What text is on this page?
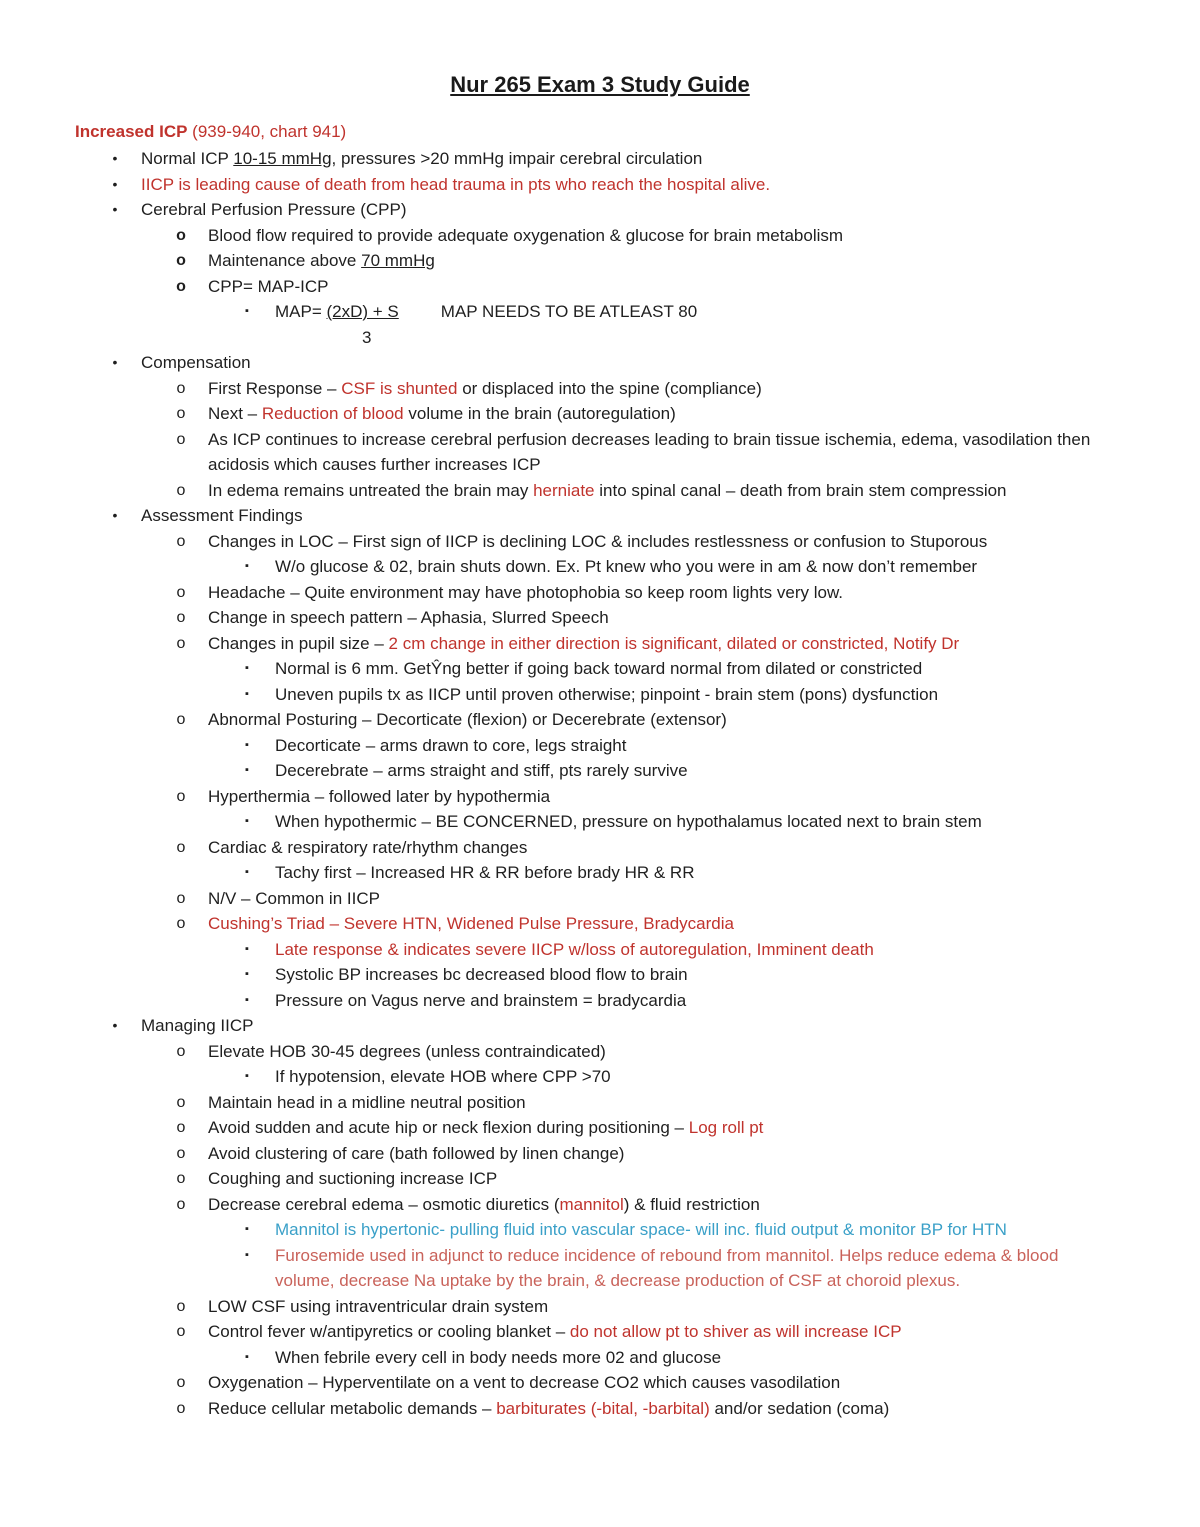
Nur 265 Exam 3 Study Guide
Increased ICP (939-940, chart 941)
• Normal ICP 10-15 mmHg, pressures >20 mmHg impair cerebral circulation
• IICP is leading cause of death from head trauma in pts who reach the hospital alive.
• Cerebral Perfusion Pressure (CPP)
o Blood flow required to provide adequate oxygenation & glucose for brain metabolism
o Maintenance above 70 mmHg
o CPP= MAP-ICP
▪ MAP= (2xD) + S MAP NEEDS TO BE ATLEAST 80
3
• Compensation
o First Response – CSF is shunted or displaced into the spine (compliance)
o Next – Reduction of blood volume in the brain (autoregulation)
o As ICP continues to increase cerebral perfusion decreases leading to brain tissue ischemia, edema, vasodilation then acidosis which causes further increases ICP
o In edema remains untreated the brain may herniate into spinal canal – death from brain stem compression
• Assessment Findings
o Changes in LOC – First sign of IICP is declining LOC & includes restlessness or confusion to Stuporous
▪ W/o glucose & 02, brain shuts down. Ex. Pt knew who you were in am & now don’t remember
o Headache – Quite environment may have photophobia so keep room lights very low.
o Change in speech pattern – Aphasia, Slurred Speech
o Changes in pupil size – 2 cm change in either direction is significant, dilated or constricted, Notify Dr
▪ Normal is 6 mm. GetŶng better if going back toward normal from dilated or constricted
▪ Uneven pupils tx as IICP until proven otherwise; pinpoint - brain stem (pons) dysfunction
o Abnormal Posturing – Decorticate (flexion) or Decerebrate (extensor)
▪ Decorticate – arms drawn to core, legs straight
▪ Decerebrate – arms straight and stiff, pts rarely survive
o Hyperthermia – followed later by hypothermia
▪ When hypothermic – BE CONCERNED, pressure on hypothalamus located next to brain stem
o Cardiac & respiratory rate/rhythm changes
▪ Tachy first – Increased HR & RR before brady HR & RR
o N/V – Common in IICP
o Cushing’s Triad – Severe HTN, Widened Pulse Pressure, Bradycardia
▪ Late response & indicates severe IICP w/loss of autoregulation, Imminent death
▪ Systolic BP increases bc decreased blood flow to brain
▪ Pressure on Vagus nerve and brainstem = bradycardia
• Managing IICP
o Elevate HOB 30-45 degrees (unless contraindicated)
▪ If hypotension, elevate HOB where CPP >70
o Maintain head in a midline neutral position
o Avoid sudden and acute hip or neck flexion during positioning – Log roll pt
o Avoid clustering of care (bath followed by linen change)
o Coughing and suctioning increase ICP
o Decrease cerebral edema – osmotic diuretics (mannitol) & fluid restriction
▪ Mannitol is hypertonic- pulling fluid into vascular space- will inc. fluid output & monitor BP for HTN
▪ Furosemide used in adjunct to reduce incidence of rebound from mannitol. Helps reduce edema & blood volume, decrease Na uptake by the brain, & decrease production of CSF at choroid plexus.
o LOW CSF using intraventricular drain system
o Control fever w/antipyretics or cooling blanket – do not allow pt to shiver as will increase ICP
▪ When febrile every cell in body needs more 02 and glucose
o Oxygenation – Hyperventilate on a vent to decrease CO2 which causes vasodilation
o Reduce cellular metabolic demands – barbiturates (-bital, -barbital) and/or sedation (coma)
